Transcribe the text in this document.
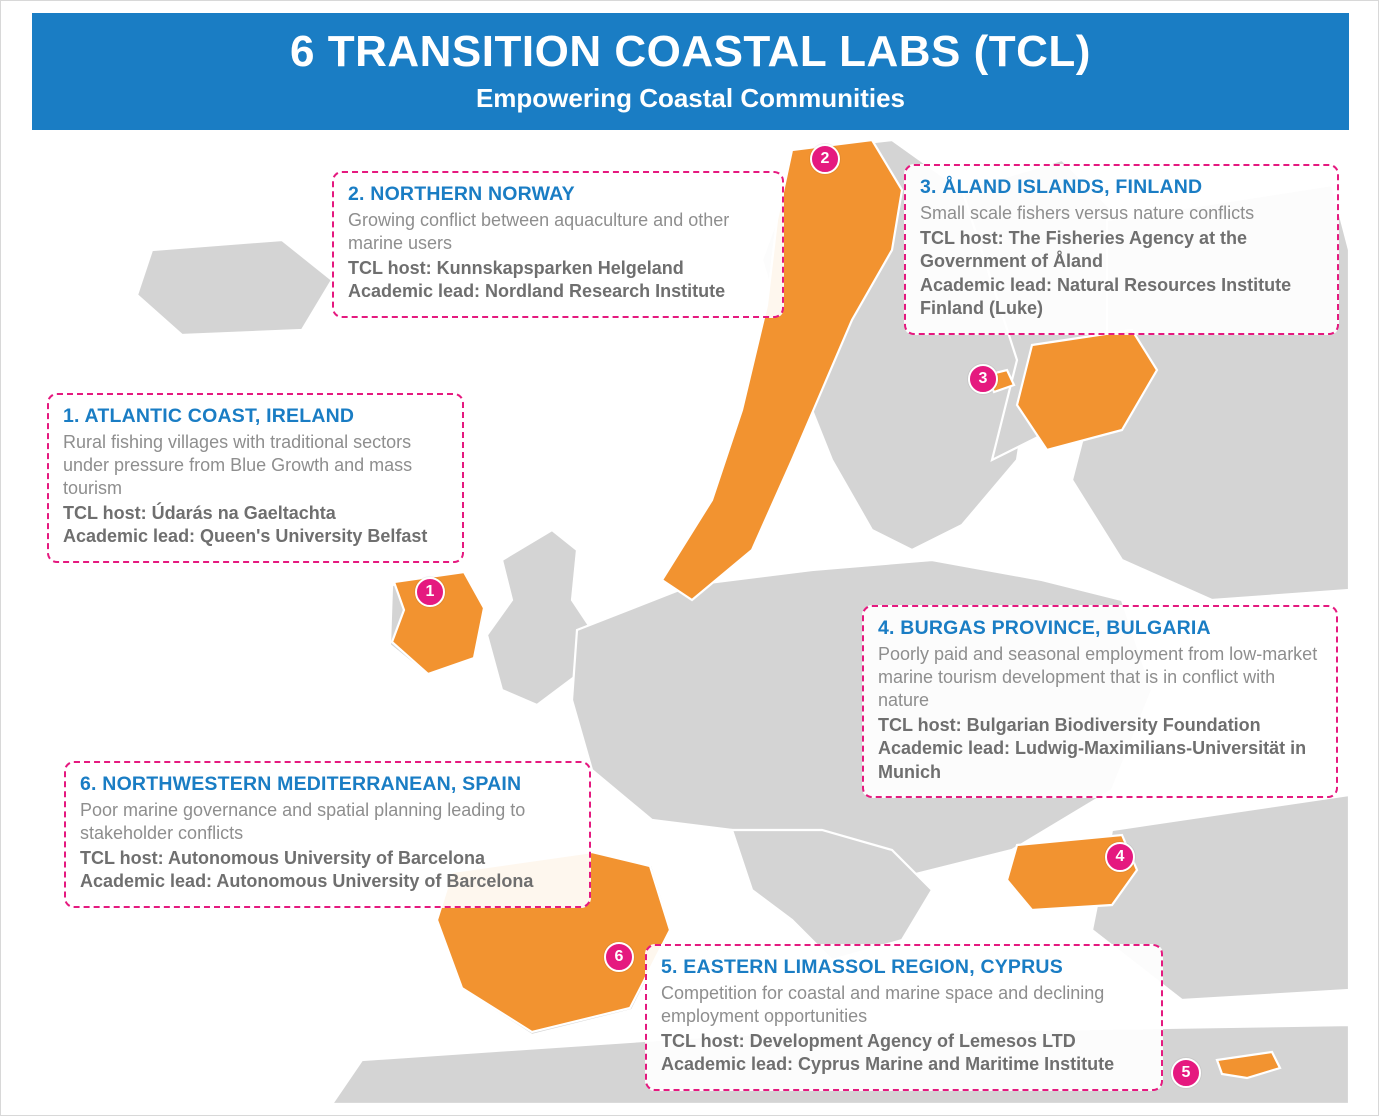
6 TRANSITION COASTAL LABS (TCL)
Empowering Coastal Communities
1
2
3
4
5
6
2. NORTHERN NORWAY
Growing conflict between aquaculture and other marine users
TCL host: Kunnskapsparken Helgeland
Academic lead: Nordland Research Institute
3. ÅLAND ISLANDS, FINLAND
Small scale fishers versus nature conflicts
TCL host: The Fisheries Agency at the Government of Åland
Academic lead: Natural Resources Institute Finland (Luke)
1. ATLANTIC COAST, IRELAND
Rural fishing villages with traditional sectors under pressure from Blue Growth and mass tourism
TCL host: Údarás na Gaeltachta
Academic lead: Queen's University Belfast
4. BURGAS PROVINCE, BULGARIA
Poorly paid and seasonal employment from low-market marine tourism development that is in conflict with nature
TCL host: Bulgarian Biodiversity Foundation
Academic lead: Ludwig-Maximilians-Universität in Munich
6. NORTHWESTERN MEDITERRANEAN, SPAIN
Poor marine governance and spatial planning leading to stakeholder conflicts
TCL host: Autonomous University of Barcelona
Academic lead: Autonomous University of Barcelona
5. EASTERN LIMASSOL REGION, CYPRUS
Competition for coastal and marine space and declining employment opportunities
TCL host: Development Agency of Lemesos LTD
Academic lead: Cyprus Marine and Maritime Institute
